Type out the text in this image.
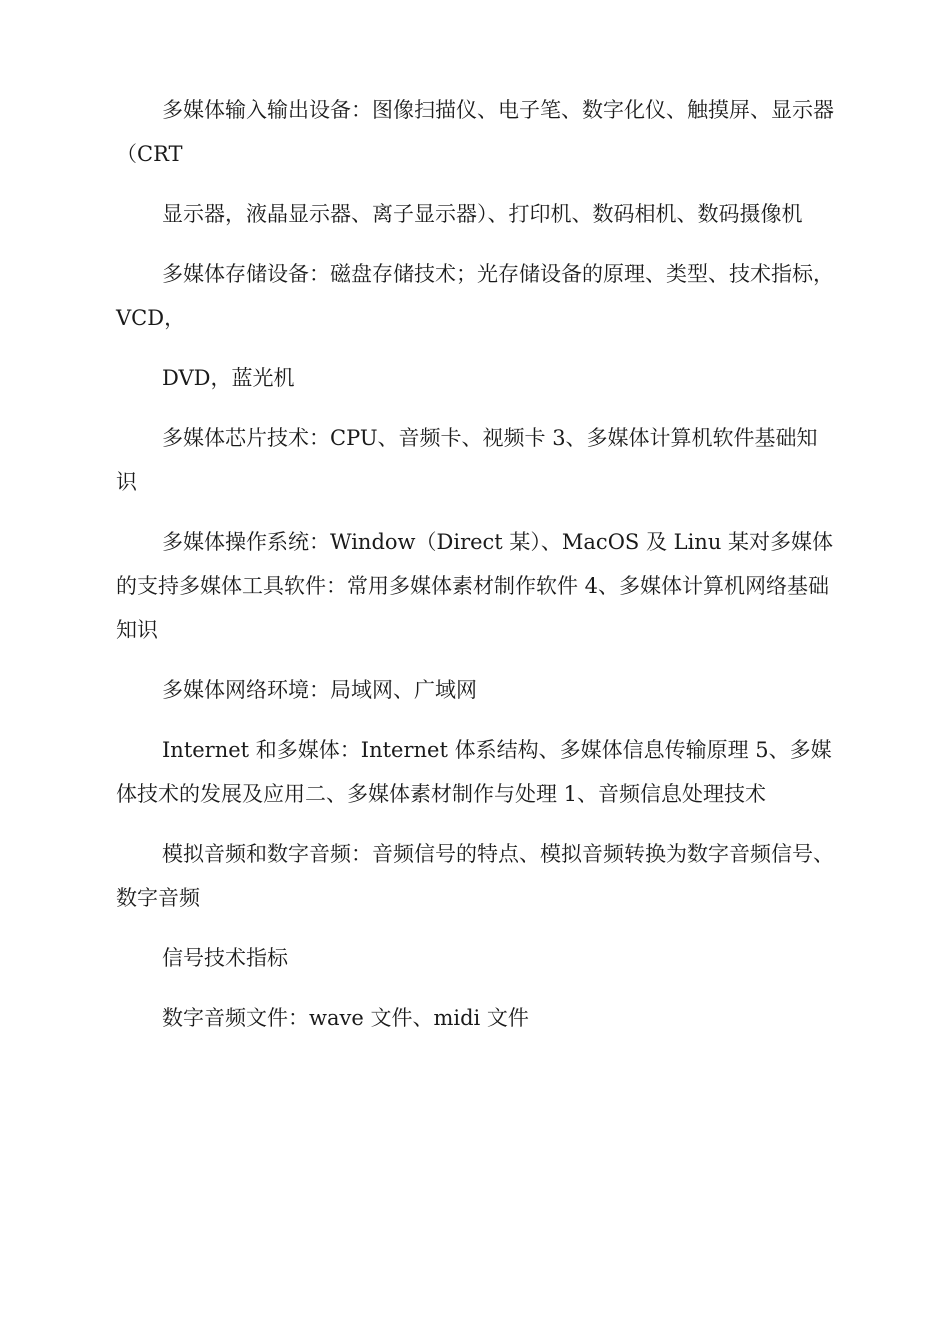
多媒体输入输出设备：图像扫描仪、电子笔、数字化仪、触摸屏、显示器（CRT

显示器，液晶显示器、离子显示器）、打印机、数码相机、数码摄像机

多媒体存储设备：磁盘存储技术；光存储设备的原理、类型、技术指标，VCD，

DVD，蓝光机

多媒体芯片技术：CPU、音频卡、视频卡 3、多媒体计算机软件基础知识

多媒体操作系统：Window（Direct 某）、MacOS 及 Linu 某对多媒体的支持多媒体工具软件：常用多媒体素材制作软件 4、多媒体计算机网络基础知识

多媒体网络环境：局域网、广域网

Internet 和多媒体：Internet 体系结构、多媒体信息传输原理 5、多媒体技术的发展及应用二、多媒体素材制作与处理 1、音频信息处理技术

模拟音频和数字音频：音频信号的特点、模拟音频转换为数字音频信号、数字音频

信号技术指标

数字音频文件：wave 文件、midi 文件
